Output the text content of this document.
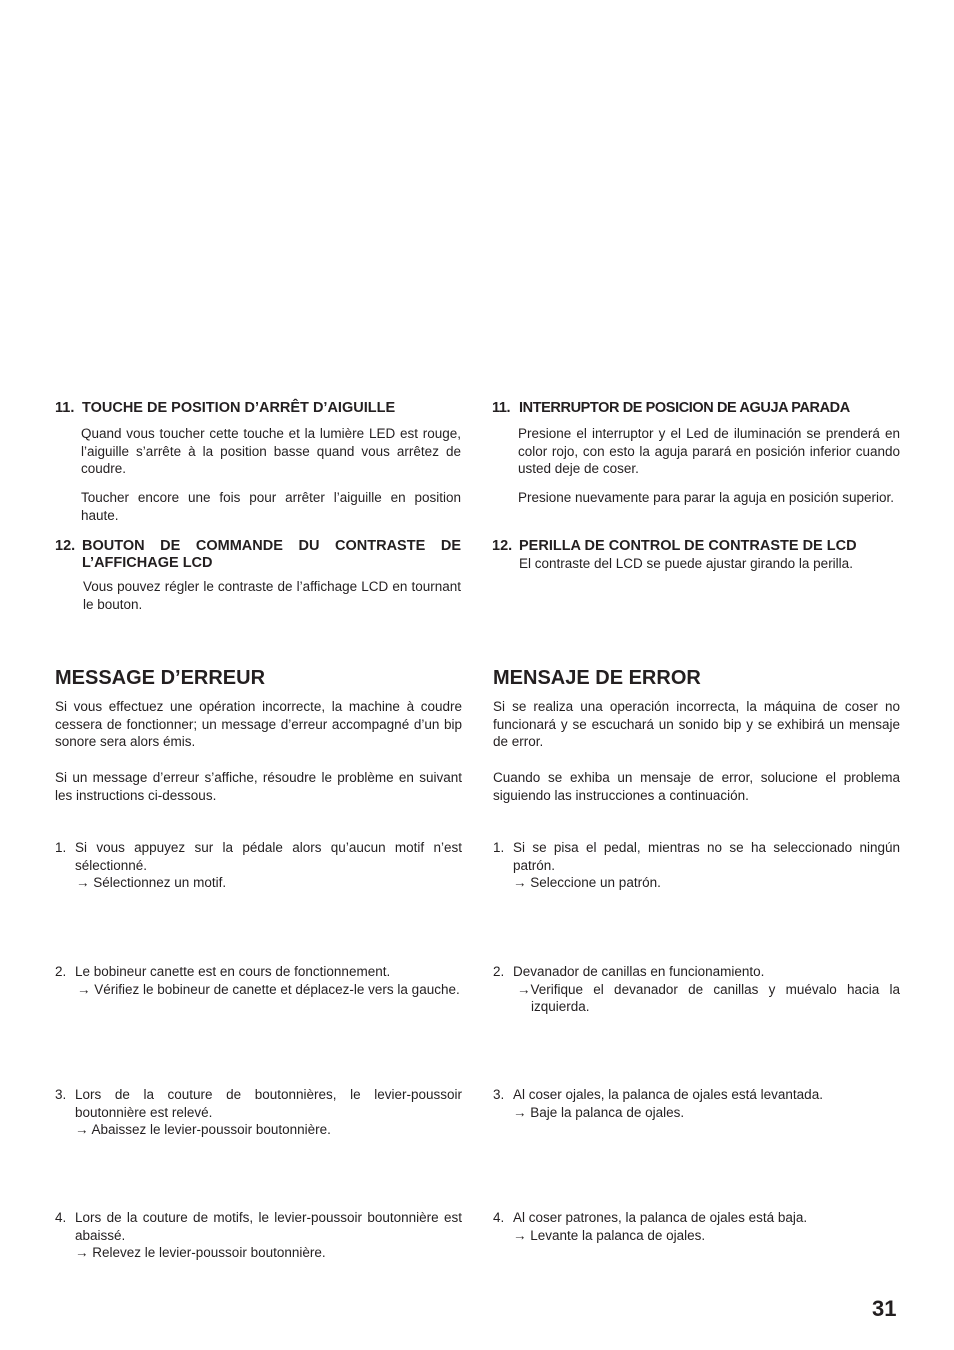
11. TOUCHE DE POSITION D’ARRÊT D’AIGUILLE
Quand vous toucher cette touche et la lumière LED est rouge, l’aiguille s’arrête à la position basse quand vous arrêtez de coudre.
Toucher encore une fois pour arrêter l’aiguille en position haute.
12. BOUTON DE COMMANDE DU CONTRASTE DE L’AFFICHAGE LCD
Vous pouvez régler le contraste de l’affichage LCD en tournant le bouton.
MESSAGE D’ERREUR
Si vous effectuez une opération incorrecte, la machine à coudre cessera de fonctionner; un message d’erreur accompagné d’un bip sonore sera alors émis.
Si un message d’erreur s’affiche, résoudre le problème en suivant les instructions ci-dessous.
1. Si vous appuyez sur la pédale alors qu’aucun motif n’est sélectionné.
→ Sélectionnez un motif.
2. Le bobineur canette est en cours de fonctionnement.
→ Vérifiez le bobineur de canette et déplacez-le vers la gauche.
3. Lors de la couture de boutonnières, le levier-poussoir boutonnière est relevé.
→ Abaissez le levier-poussoir boutonnière.
4. Lors de la couture de motifs, le levier-poussoir boutonnière est abaissé.
→ Relevez le levier-poussoir boutonnière.
11. INTERRUPTOR DE POSICION DE AGUJA PARADA
Presione el interruptor y el Led de iluminación se prenderá en color rojo, con esto la aguja parará en posición inferior cuando usted deje de coser.
Presione nuevamente para parar la aguja en posición superior.
12. PERILLA DE CONTROL DE CONTRASTE DE LCD
El contraste del LCD se puede ajustar girando la perilla.
MENSAJE DE ERROR
Si se realiza una operación incorrecta, la máquina de coser no funcionará y se escuchará un sonido bip y se exhibirá un mensaje de error.
Cuando se exhiba un mensaje de error, solucione el problema siguiendo las instrucciones a continuación.
1. Si se pisa el pedal, mientras no se ha seleccionado ningún patrón.
→ Seleccione un patrón.
2. Devanador de canillas en funcionamiento.
→Verifique el devanador de canillas y muévalo hacia la izquierda.
3. Al coser ojales, la palanca de ojales está levantada.
→ Baje la palanca de ojales.
4. Al coser patrones, la palanca de ojales está baja.
→ Levante la palanca de ojales.
31
